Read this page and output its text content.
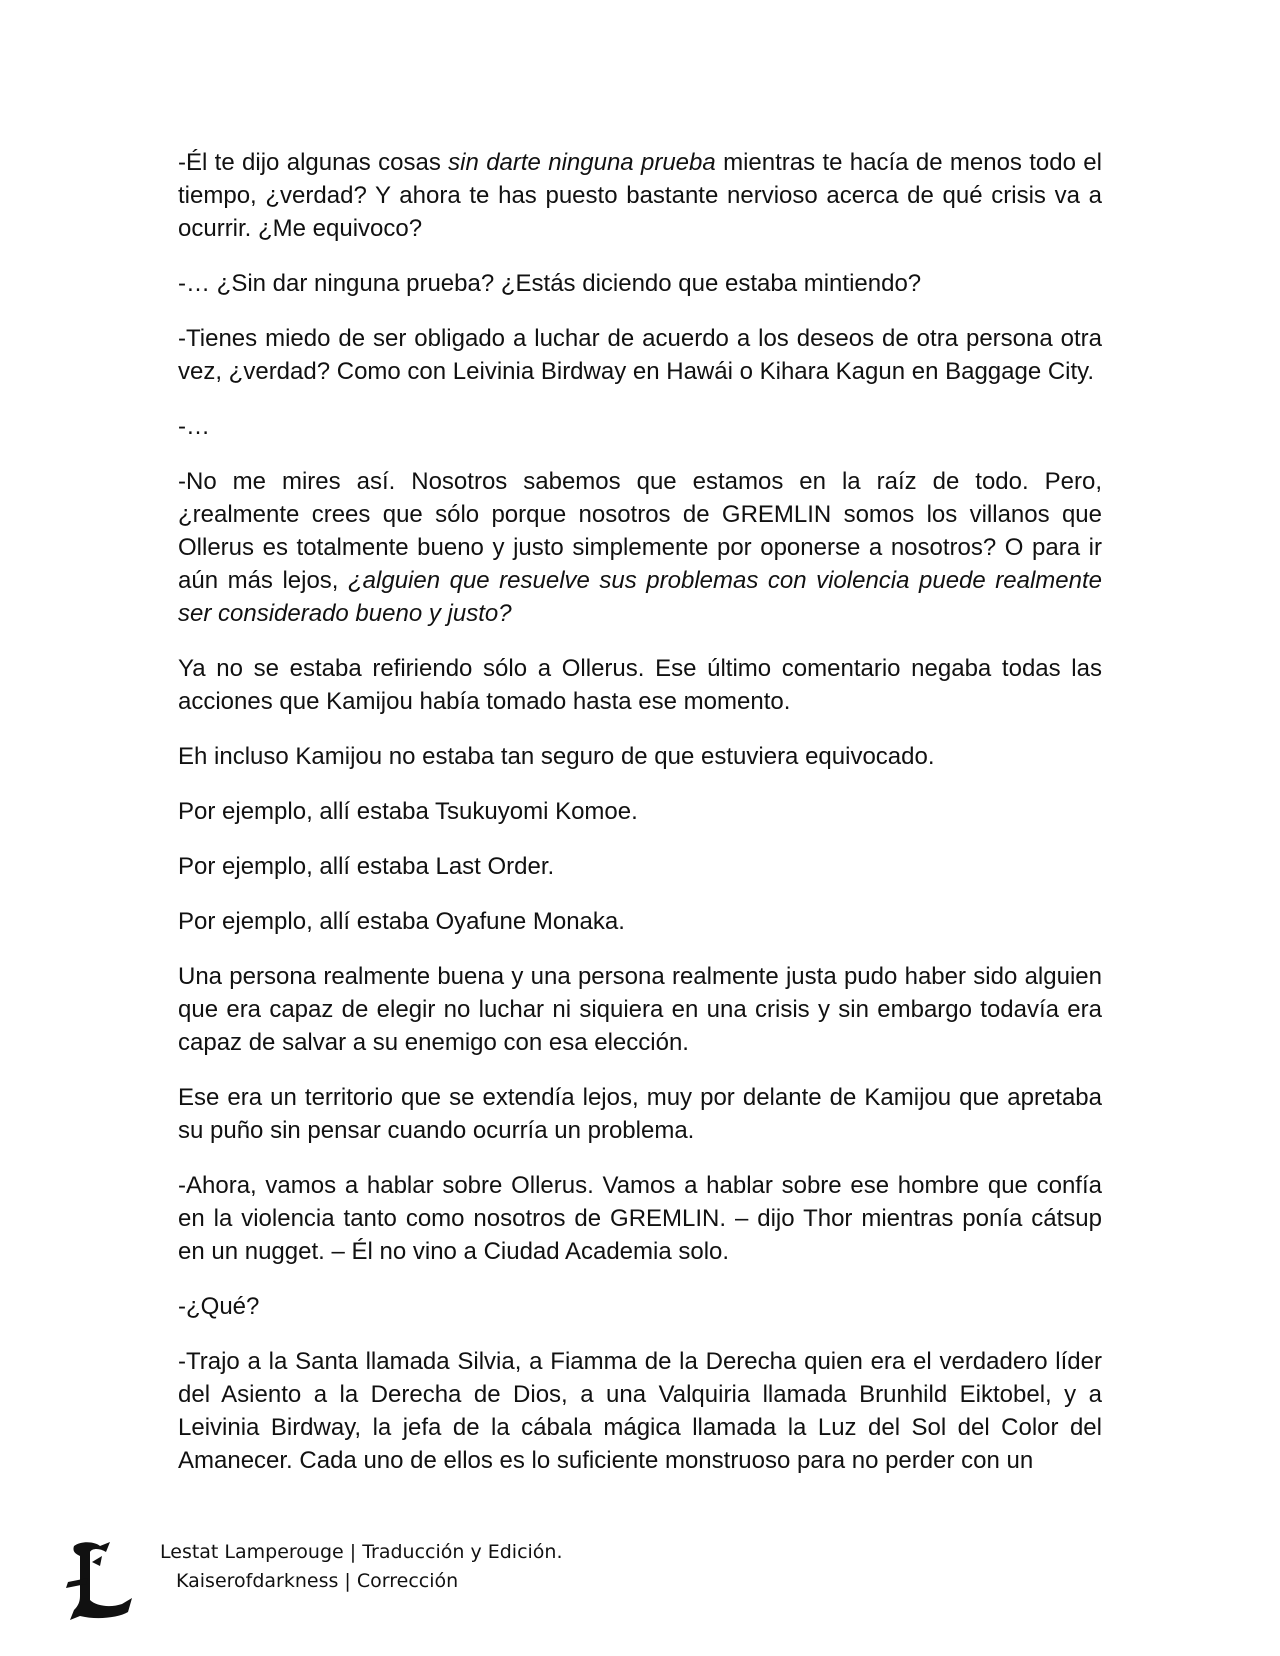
-Él te dijo algunas cosas sin darte ninguna prueba mientras te hacía de menos todo el tiempo, ¿verdad? Y ahora te has puesto bastante nervioso acerca de qué crisis va a ocurrir. ¿Me equivoco?

-… ¿Sin dar ninguna prueba? ¿Estás diciendo que estaba mintiendo?

-Tienes miedo de ser obligado a luchar de acuerdo a los deseos de otra persona otra vez, ¿verdad? Como con Leivinia Birdway en Hawái o Kihara Kagun en Baggage City.

-…

-No me mires así. Nosotros sabemos que estamos en la raíz de todo. Pero, ¿realmente crees que sólo porque nosotros de GREMLIN somos los villanos que Ollerus es totalmente bueno y justo simplemente por oponerse a nosotros? O para ir aún más lejos, ¿alguien que resuelve sus problemas con violencia puede realmente ser considerado bueno y justo?

Ya no se estaba refiriendo sólo a Ollerus. Ese último comentario negaba todas las acciones que Kamijou había tomado hasta ese momento.

Eh incluso Kamijou no estaba tan seguro de que estuviera equivocado.

Por ejemplo, allí estaba Tsukuyomi Komoe.

Por ejemplo, allí estaba Last Order.

Por ejemplo, allí estaba Oyafune Monaka.

Una persona realmente buena y una persona realmente justa pudo haber sido alguien que era capaz de elegir no luchar ni siquiera en una crisis y sin embargo todavía era capaz de salvar a su enemigo con esa elección.

Ese era un territorio que se extendía lejos, muy por delante de Kamijou que apretaba su puño sin pensar cuando ocurría un problema.

-Ahora, vamos a hablar sobre Ollerus. Vamos a hablar sobre ese hombre que confía en la violencia tanto como nosotros de GREMLIN. – dijo Thor mientras ponía cátsup en un nugget. – Él no vino a Ciudad Academia solo.

-¿Qué?

-Trajo a la Santa llamada Silvia, a Fiamma de la Derecha quien era el verdadero líder del Asiento a la Derecha de Dios, a una Valquiria llamada Brunhild Eiktobel, y a Leivinia Birdway, la jefa de la cábala mágica llamada la Luz del Sol del Color del Amanecer. Cada uno de ellos es lo suficiente monstruoso para no perder con un

Lestat Lamperouge | Traducción y Edición.
Kaiserofdarkness | Corrección
